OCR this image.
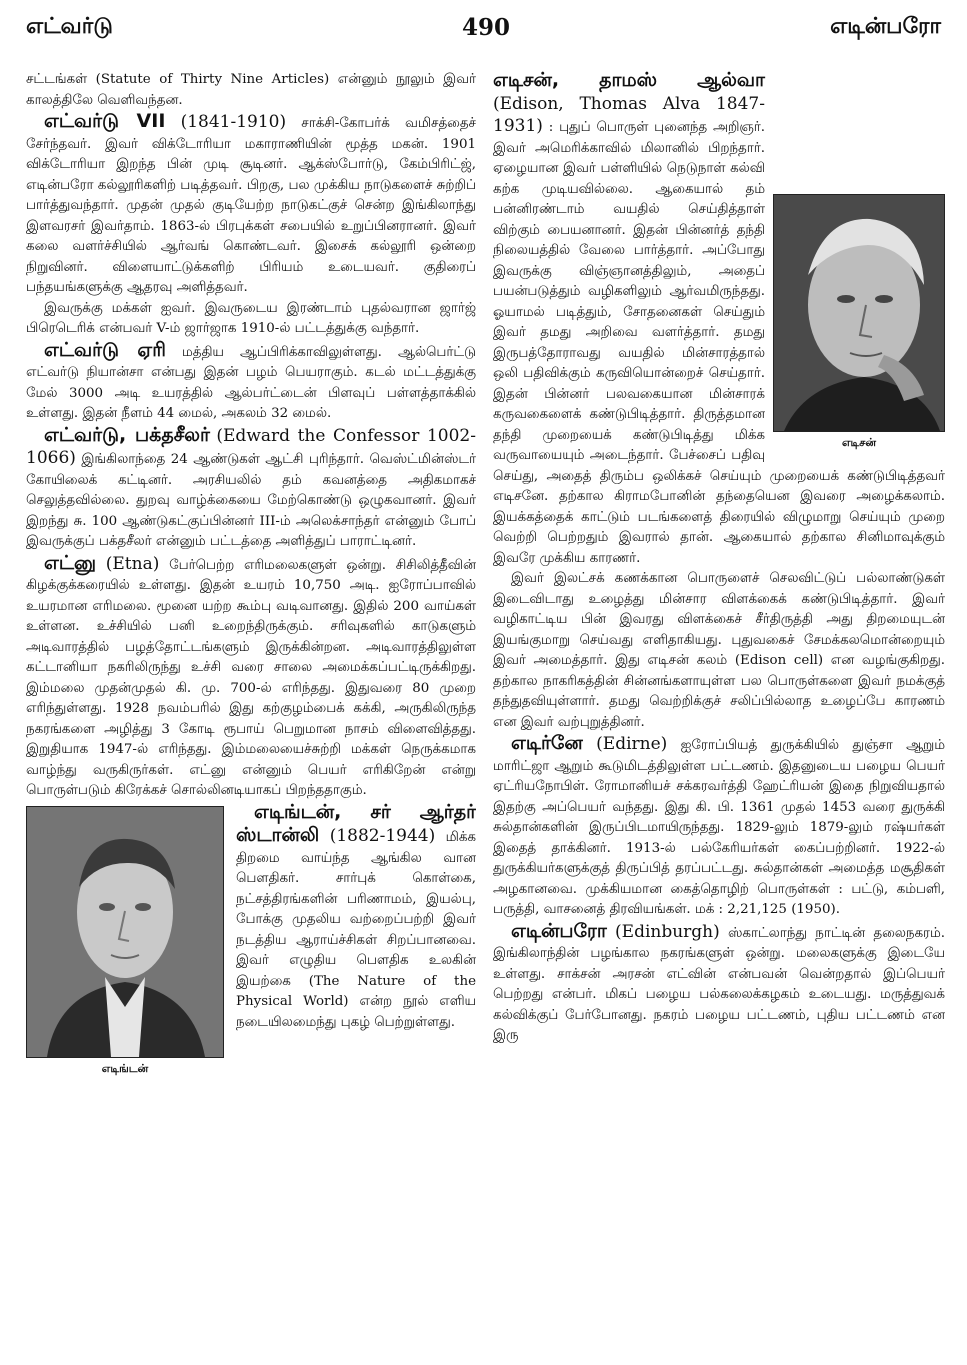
எட்வர்டு	490	எடின்பரோ

சட்டங்கள் (Statute of Thirty Nine Articles) என்னும் நூலும் இவர் காலத்திலே வெளிவந்தன.

எட்வர்டு VII (1841-1910) சாக்சி-கோபர்க் வமிசத்தைச் சேர்ந்தவர். இவர் விக்டோரியா மகாராணியின் மூத்த மகன். 1901 விக்டோரியா இறந்த பின் முடி சூடினர். ஆக்ஸ்போர்டு, கேம்பிரிட்ஜ், எடின்பரோ கல்லூரிகளிற் படித்தவர். பிறகு, பல முக்கிய நாடுகளைச் சுற்றிப் பார்த்துவந்தார். முதன் முதல் குடியேற்ற நாடுகட்குச் சென்ற இங்கிலாந்து இளவரசர் இவர்தாம். 1863-ல் பிரபுக்கள் சபையில் உறுப்பினரானர். இவர் கலை வளர்ச்சியில் ஆர்வங் கொண்டவர். இசைக் கல்லூரி ஒன்றை நிறுவினர். விளையாட்டுக்களிற் பிரியம் உடையவர். குதிரைப் பந்தயங்களுக்கு ஆதரவு அளித்தவர்.

இவருக்கு மக்கள் ஐவர். இவருடைய இரண்டாம் புதல்வரான ஜார்ஜ் பிரெடெரிக் என்பவர் V-ம் ஜார்ஜாக 1910-ல் பட்டத்துக்கு வந்தார்.

எட்வர்டு ஏரி மத்திய ஆப்பிரிக்காவிலுள்ளது. ஆல்பெர்ட்டு எட்வர்டு நியான்சா என்பது இதன் பழம் பெயராகும். கடல் மட்டத்துக்கு மேல் 3000 அடி உயரத்தில் ஆல்பர்ட்டைன் பிளவுப் பள்ளத்தாக்கில் உள்ளது. இதன் நீளம் 44 மைல், அகலம் 32 மைல்.

எட்வர்டு, பக்தசீலர் (Edward the Confessor 1002-1066) இங்கிலாந்தை 24 ஆண்டுகள் ஆட்சி புரிந்தார். வெஸ்ட்மின்ஸ்டர் கோயிலைக் கட்டினர். அரசியலில் தம் கவனத்தை அதிகமாகச் செலுத்தவில்லை. துறவு வாழ்க்கையை மேற்கொண்டு ஒழுகவானர். இவர் இறந்து சு. 100 ஆண்டுகட்குப்பின்னர் III-ம் அலெக்சாந்தர் என்னும் போப் இவருக்குப் பக்தசீலர் என்னும் பட்டத்தை அளித்துப் பாராட்டினர்.

எட்னு (Etna) பேர்பெற்ற எரிமலைகளுள் ஒன்று. சிசிலித்தீவின் கிழக்குக்கரையில் உள்ளது. இதன் உயரம் 10,750 அடி. ஐரோப்பாவில் உயரமான எரிமலை. மூனை யற்ற கூம்பு வடிவானது. இதில் 200 வாய்கள் உள்ளன. உச்சியில் பனி உறைந்திருக்கும். சரிவுகளில் காடுகளும் அடிவாரத்தில் பழத்தோட்டங்களும் இருக்கின்றன. அடிவாரத்திலுள்ள கட்டானியா நகரிலிருந்து உச்சி வரை சாலை அமைக்கப்பட்டிருக்கிறது. இம்மலை முதன்முதல் கி. மு. 700-ல் எரிந்தது. இதுவரை 80 முறை எரிந்துள்ளது. 1928 நவம்பரில் இது கற்குழம்பைக் கக்கி, அருகிலிருந்த நகரங்களை அழித்து 3 கோடி ரூபாய் பெறுமான நாசம் விளைவித்தது. இறுதியாக 1947-ல் எரிந்தது. இம்மலையைச்சுற்றி மக்கள் நெருக்கமாக வாழ்ந்து வருகிருர்கள். எட்னு என்னும் பெயர் எரிகிறேன் என்று பொருள்படும் கிரேக்கச் சொல்லினடியாகப் பிறந்ததாகும்.

எடிங்டன்

எடிங்டன், சர் ஆர்தர் ஸ்டான்லி (1882-1944) மிக்க திறமை வாய்ந்த ஆங்கில வான பௌதிகர். சார்புக் கொள்கை, நட்சத்திரங்களின் பரிணாமம், இயல்பு, போக்கு முதலிய வற்றைப்பற்றி இவர் நடத்திய ஆராய்ச்சிகள் சிறப்பானவை. இவர் எழுதிய பௌதிக உலகின் இயற்கை (The Nature of the Physical World) என்ற நூல் எளிய நடையிலமைந்து புகழ் பெற்றுள்ளது.

எடிசன்

எடிசன், தாமஸ் ஆல்வா (Edison, Thomas Alva 1847-1931) : புதுப் பொருள் புனைந்த அறிஞர். இவர் அமெரிக்காவில் மிலானில் பிறந்தார். ஏழையான இவர் பள்ளியில் நெடுநாள் கல்வி கற்க முடியவில்லை. ஆகையால் தம் பன்னிரண்டாம் வயதில் செய்தித்தாள் விற்கும் பையனானர். இதன் பின்னர்த் தந்தி நிலையத்தில் வேலை பார்த்தார். அப்போது இவருக்கு விஞ்ஞானத்திலும், அதைப் பயன்படுத்தும் வழிகளிலும் ஆர்வமிருந்தது. ஓயாமல் படித்தும், சோதனைகள் செய்தும் இவர் தமது அறிவை வளர்த்தார். தமது இருபத்தோராவது வயதில் மின்சாரத்தால் ஒலி பதிவிக்கும் கருவியொன்றைச் செய்தார். இதன் பின்னர் பலவகையான மின்சாரக் கருவகைளைக் கண்டுபிடித்தார். திருத்தமான தந்தி முறையைக் கண்டுபிடித்து மிக்க வருவாயையும் அடைந்தார். பேச்சைப் பதிவு செய்து, அதைத் திரும்ப ஒலிக்கச் செய்யும் முறையைக் கண்டுபிடித்தவர் எடிசனே. தற்கால கிராமபோனின் தந்தையென இவரை அழைக்கலாம். இயக்கத்தைக் காட்டும் படங்களைத் திரையில் விழுமாறு செய்யும் முறை வெற்றி பெற்றதும் இவரால் தான். ஆகையால் தற்கால சினிமாவுக்கும் இவரே முக்கிய காரணர்.

இவர் இலட்சக் கணக்கான பொருளைச் செலவிட்டுப் பல்லாண்டுகள் இடைவிடாது உழைத்து மின்சார விளக்கைக் கண்டுபிடித்தார். இவர் வழிகாட்டிய பின் இவரது விளக்கைச் சீர்திருத்தி அது திறமையுடன் இயங்குமாறு செய்வது எளிதாகியது. புதுவகைச் சேமக்கலமொன்றையும் இவர் அமைத்தார். இது எடிசன் கலம் (Edison cell) என வழங்குகிறது. தற்கால நாகரிகத்தின் சின்னங்களாயுள்ள பல பொருள்களை இவர் நமக்குத் தந்துதவியுள்ளார். தமது வெற்றிக்குச் சலிப்பில்லாத உழைப்பே காரணம் என இவர் வற்புறுத்தினர்.

எடிர்னே (Edirne) ஐரோப்பியத் துருக்கியில் துஞ்சா ஆறும் மாரிட்ஜா ஆறும் கூடுமிடத்திலுள்ள பட்டணம். இதனுடைய பழைய பெயர் ஏட்ரியநோபிள். ரோமானியச் சக்கரவர்த்தி ஹேட்ரியன் இதை நிறுவியதால் இதற்கு அப்பெயர் வந்தது. இது கி. பி. 1361 முதல் 1453 வரை துருக்கி சுல்தான்களின் இருப்பிடமாயிருந்தது. 1829-லும் 1879-லும் ரஷ்யர்கள் இதைத் தாக்கினர். 1913-ல் பல்கேரியர்கள் கைப்பற்றினர். 1922-ல் துருக்கியர்களுக்குத் திருப்பித் தரப்பட்டது. சுல்தான்கள் அமைத்த மசூதிகள் அழகானவை. முக்கியமான கைத்தொழிற் பொருள்கள் : பட்டு, கம்பளி, பருத்தி, வாசனைத் திரவியங்கள். மக் : 2,21,125 (1950).

எடின்பரோ (Edinburgh) ஸ்காட்லாந்து நாட்டின் தலைநகரம். இங்கிலாந்தின் பழங்கால நகரங்களுள் ஒன்று. மலைகளுக்கு இடையே உள்ளது. சாக்சன் அரசன் எட்வின் என்பவன் வென்றதால் இப்பெயர் பெற்றது என்பர். மிகப் பழைய பல்கலைக்கழகம் உடையது. மருத்துவக் கல்விக்குப் பேர்போனது. நகரம் பழைய பட்டணம், புதிய பட்டணம் என இரு
